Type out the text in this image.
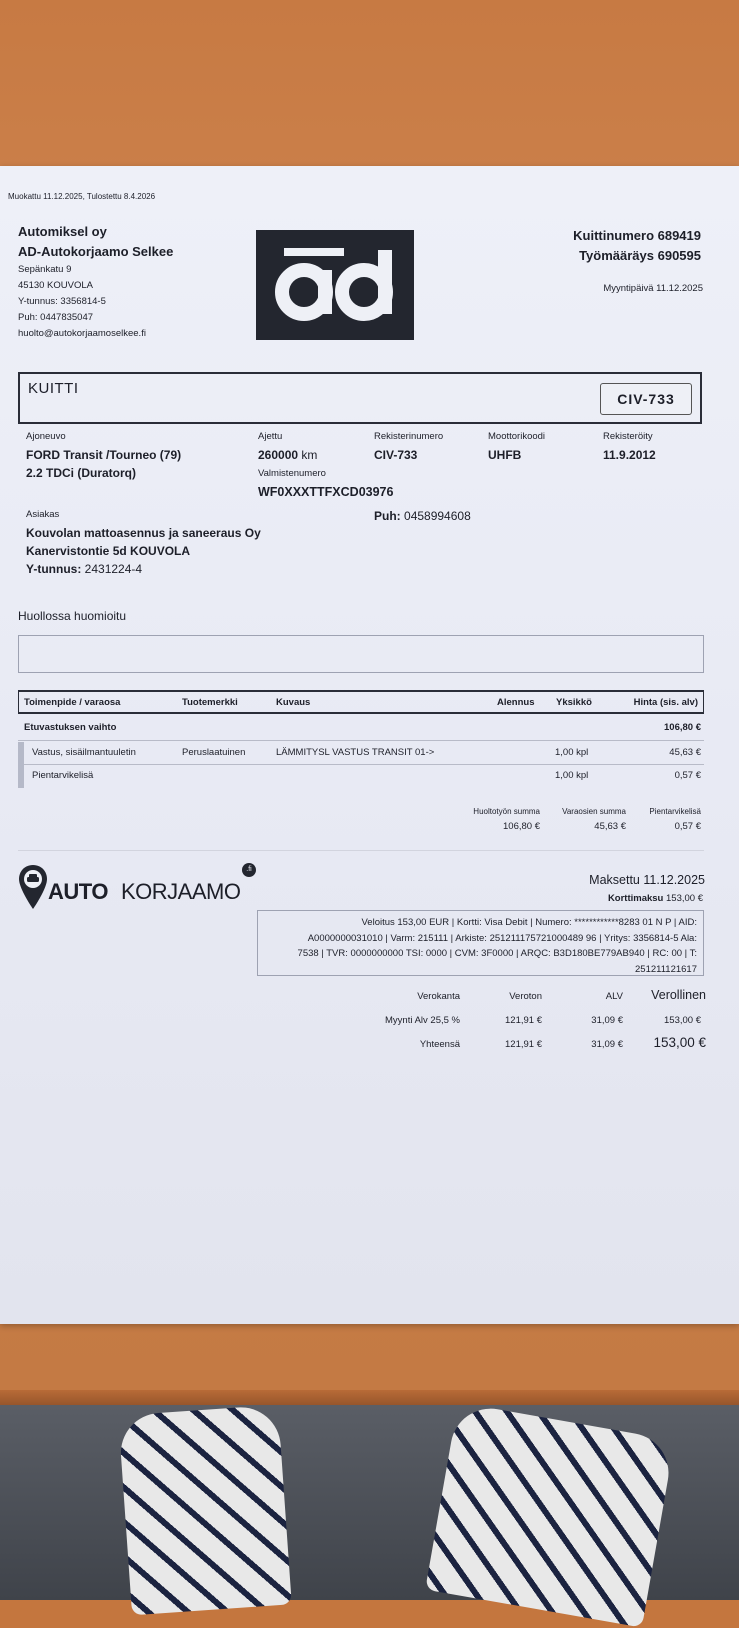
Muokattu 11.12.2025, Tulostettu 8.4.2026
Automiksel oy
AD-Autokorjaamo Selkee
Sepänkatu 9
45130 KOUVOLA
Y-tunnus: 3356814-5
Puh: 0447835047
huolto@autokorjaamoselkee.fi
Kuittinumero 689419
Työmääräys 690595
Myyntipäivä 11.12.2025
KUITTI
CIV-733
Ajoneuvo
FORD Transit /Tourneo (79)
2.2 TDCi (Duratorq)
Ajettu
260000 km
Valmistenumero
WF0XXXTTFXCD03976
Rekisterinumero
CIV-733
Moottorikoodi
UHFB
Rekisteröity
11.9.2012
Asiakas
Kouvolan mattoasennus ja saneeraus Oy
Kanervistontie 5d KOUVOLA
Y-tunnus: 2431224-4
Puh: 0458994608
Huollossa huomioitu
Toimenpide / varaosa	Tuotemerkki	Kuvaus	Alennus Yksikkö	Hinta (sis. alv)
Etuvastuksen vaihto	106,80 €
Vastus, sisäilmantuuletin	Peruslaatuinen	LÄMMITYSL VASTUS TRANSIT 01->	1,00 kpl	45,63 €
Pientarvikelisä	1,00 kpl	0,57 €
Huoltotyön summa	Varaosien summa	Pientarvikelisä
106,80 €	45,63 €	0,57 €
AUTO KORJAAMO
.fi
Maksettu 11.12.2025
Korttimaksu 153,00 €
Veloitus 153,00 EUR | Kortti: Visa Debit | Numero: ************8283 01 N P | AID:
A0000000031010 | Varm: 215111 | Arkiste: 251211175721000489 96 | Yritys: 3356814-5 Ala:
7538 | TVR: 0000000000 TSI: 0000 | CVM: 3F0000 | ARQC: B3D180BE779AB940 | RC: 00 | T:
251211121617
Verokanta	Veroton	ALV Verollinen
Myynti Alv 25,5 %	121,91 €	31,09 €	153,00 €
Yhteensä	121,91 €	31,09 € 153,00 €
